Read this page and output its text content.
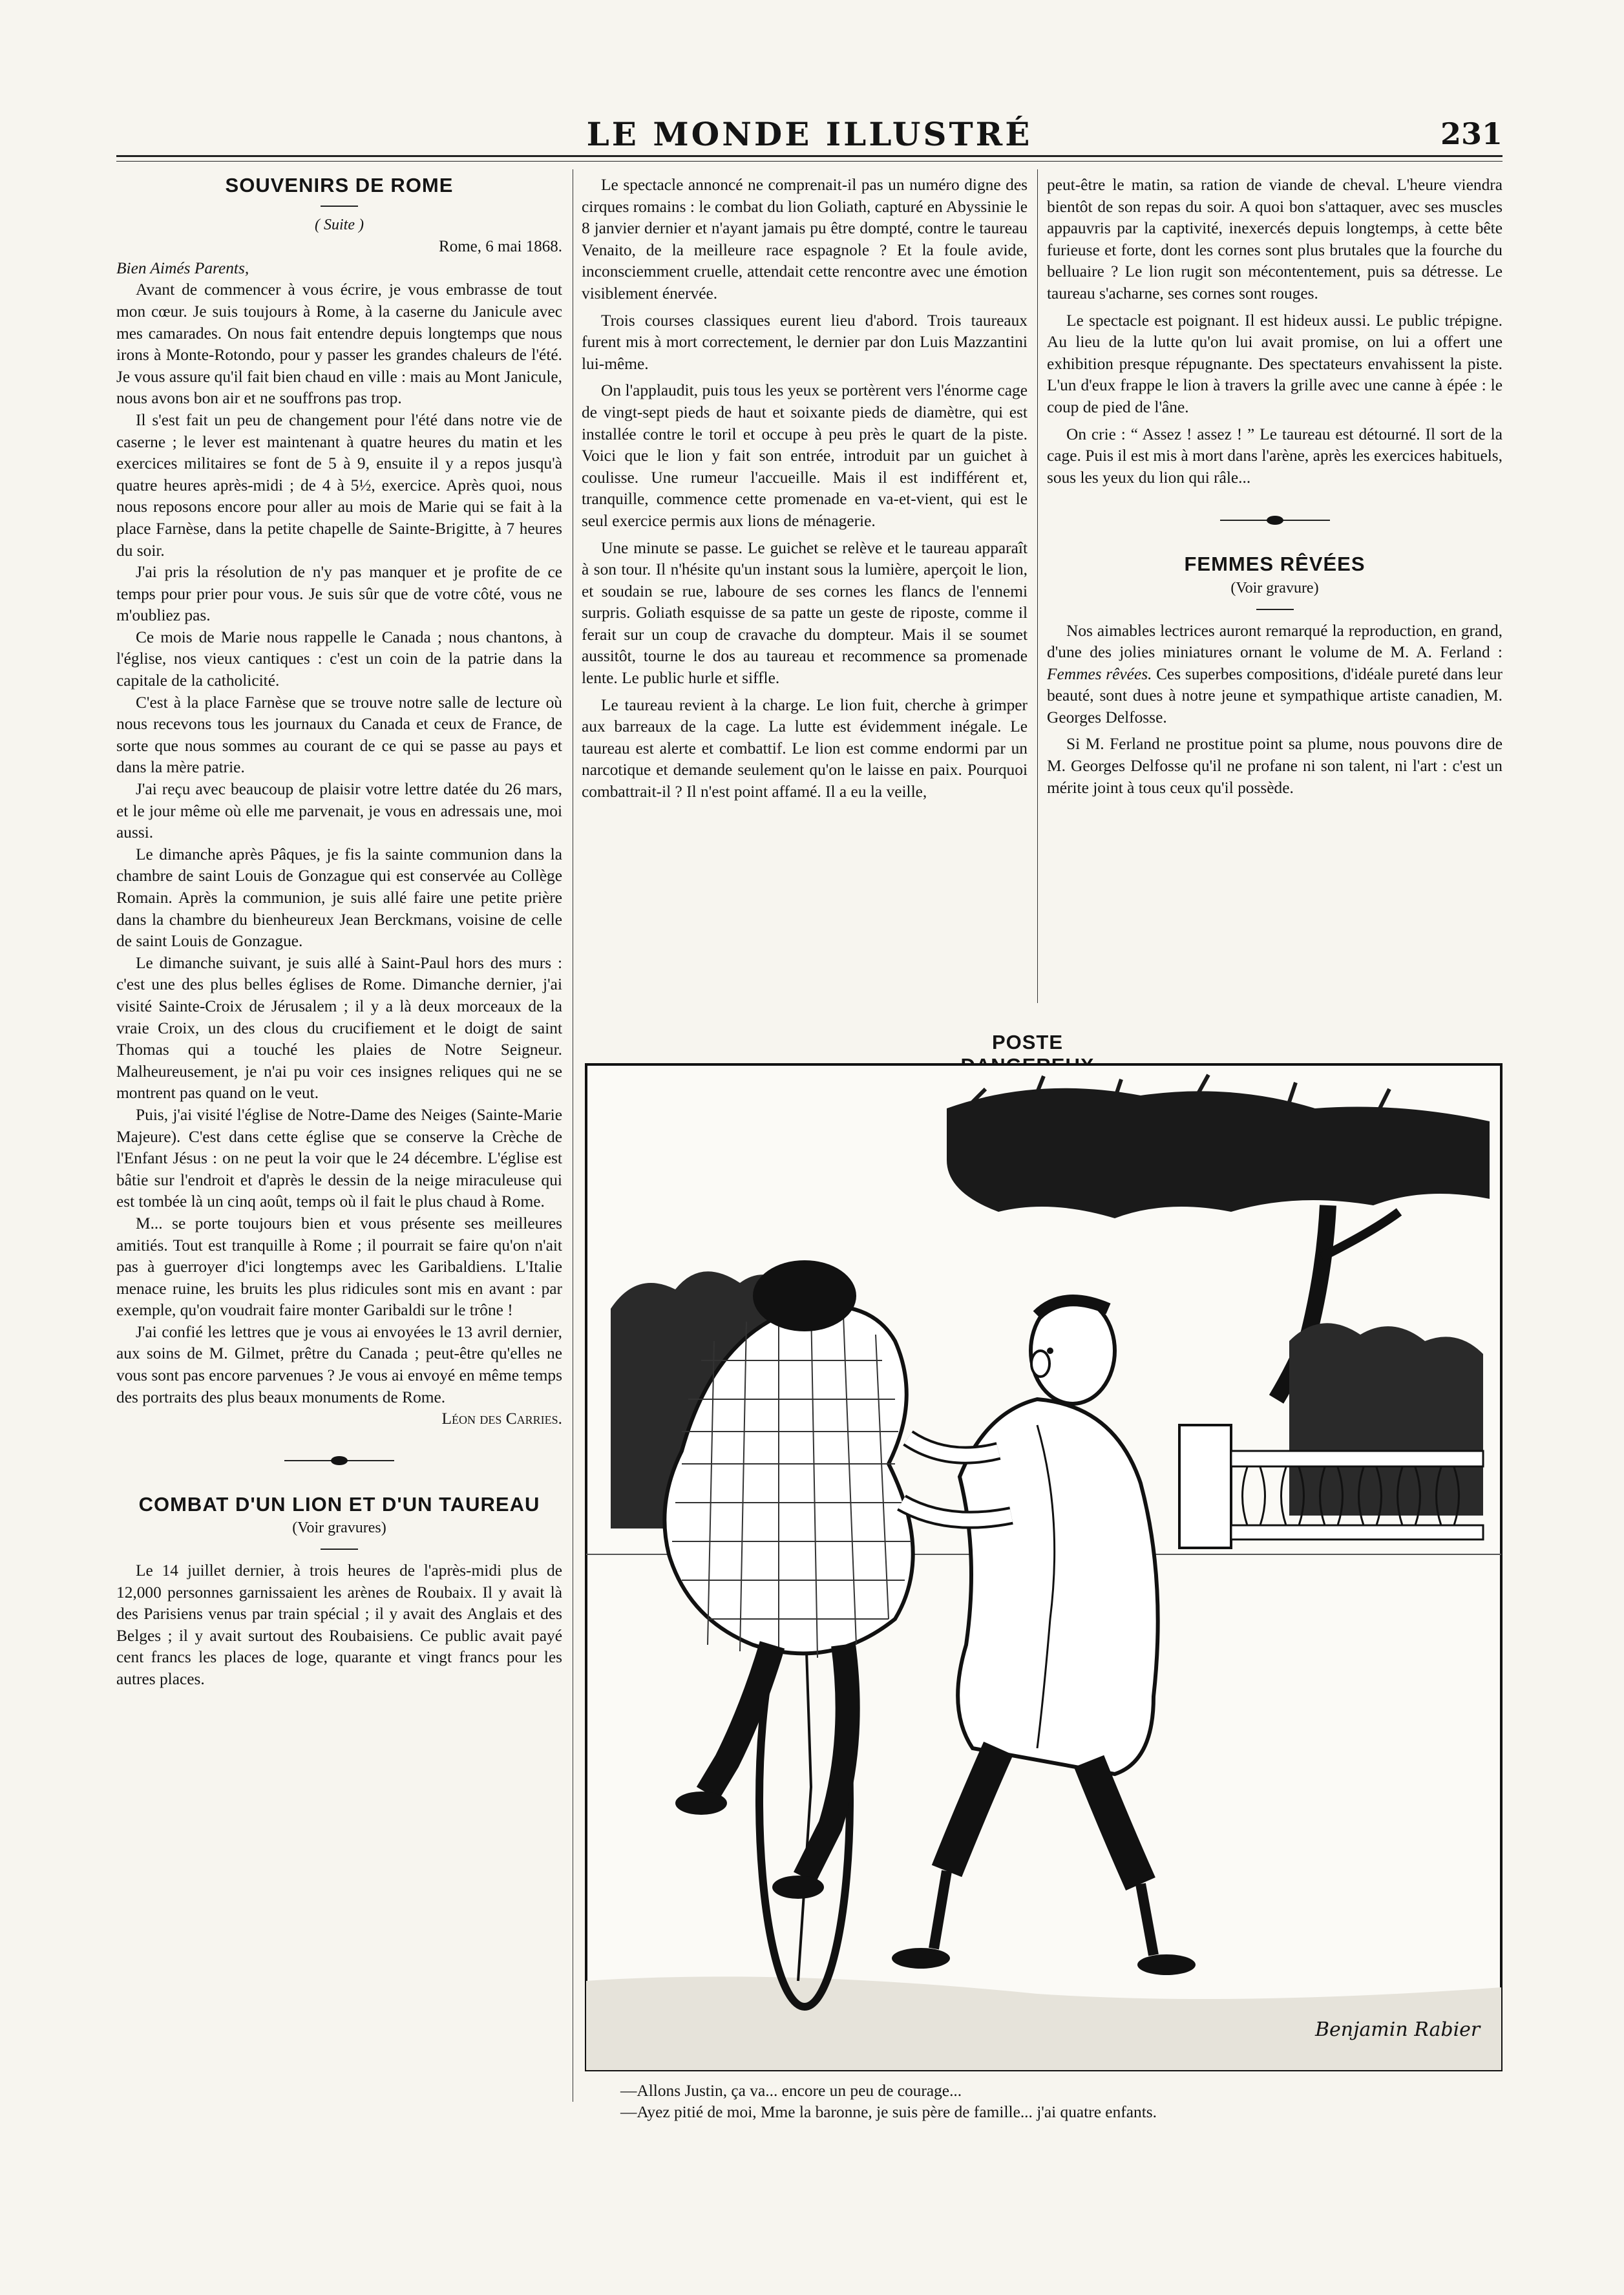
LE MONDE ILLUSTRÉ	231
SOUVENIRS DE ROME
( Suite )

Rome, 6 mai 1868.

Bien Aimés Parents,

Avant de commencer à vous écrire, je vous embrasse de tout mon cœur. Je suis toujours à Rome, à la caserne du Janicule avec mes camarades. On nous fait entendre depuis longtemps que nous irons à Monte-Rotondo, pour y passer les grandes chaleurs de l'été. Je vous assure qu'il fait bien chaud en ville : mais au Mont Janicule, nous avons bon air et ne souffrons pas trop.

Il s'est fait un peu de changement pour l'été dans notre vie de caserne ; le lever est maintenant à quatre heures du matin et les exercices militaires se font de 5 à 9, ensuite il y a repos jusqu'à quatre heures après-midi ; de 4 à 5½, exercice. Après quoi, nous nous reposons encore pour aller au mois de Marie qui se fait à la place Farnèse, dans la petite chapelle de Sainte-Brigitte, à 7 heures du soir.

J'ai pris la résolution de n'y pas manquer et je profite de ce temps pour prier pour vous. Je suis sûr que de votre côté, vous ne m'oubliez pas.

Ce mois de Marie nous rappelle le Canada ; nous chantons, à l'église, nos vieux cantiques : c'est un coin de la patrie dans la capitale de la catholicité.

C'est à la place Farnèse que se trouve notre salle de lecture où nous recevons tous les journaux du Canada et ceux de France, de sorte que nous sommes au courant de ce qui se passe au pays et dans la mère patrie.

J'ai reçu avec beaucoup de plaisir votre lettre datée du 26 mars, et le jour même où elle me parvenait, je vous en adressais une, moi aussi.

Le dimanche après Pâques, je fis la sainte communion dans la chambre de saint Louis de Gonzague qui est conservée au Collège Romain. Après la communion, je suis allé faire une petite prière dans la chambre du bienheureux Jean Berckmans, voisine de celle de saint Louis de Gonzague.

Le dimanche suivant, je suis allé à Saint-Paul hors des murs : c'est une des plus belles églises de Rome. Dimanche dernier, j'ai visité Sainte-Croix de Jérusalem ; il y a là deux morceaux de la vraie Croix, un des clous du crucifiement et le doigt de saint Thomas qui a touché les plaies de Notre Seigneur. Malheureusement, je n'ai pu voir ces insignes reliques qui ne se montrent pas quand on le veut.

Puis, j'ai visité l'église de Notre-Dame des Neiges (Sainte-Marie Majeure). C'est dans cette église que se conserve la Crèche de l'Enfant Jésus : on ne peut la voir que le 24 décembre. L'église est bâtie sur l'endroit et d'après le dessin de la neige miraculeuse qui est tombée là un cinq août, temps où il fait le plus chaud à Rome.

M... se porte toujours bien et vous présente ses meilleures amitiés. Tout est tranquille à Rome ; il pourrait se faire qu'on n'ait pas à guerroyer d'ici longtemps avec les Garibaldiens. L'Italie menace ruine, les bruits les plus ridicules sont mis en avant : par exemple, qu'on voudrait faire monter Garibaldi sur le trône !

J'ai confié les lettres que je vous ai envoyées le 13 avril dernier, aux soins de M. Gilmet, prêtre du Canada ; peut-être qu'elles ne vous sont pas encore parvenues ? Je vous ai envoyé en même temps des portraits des plus beaux monuments de Rome.

Léon des Carries.

COMBAT D'UN LION ET D'UN TAUREAU
(Voir gravures)

Le 14 juillet dernier, à trois heures de l'après-midi plus de 12,000 personnes garnissaient les arènes de Roubaix. Il y avait là des Parisiens venus par train spécial ; il y avait des Anglais et des Belges ; il y avait surtout des Roubaisiens. Ce public avait payé cent francs les places de loge, quarante et vingt francs pour les autres places.

Le spectacle annoncé ne comprenait-il pas un numéro digne des cirques romains : le combat du lion Goliath, capturé en Abyssinie le 8 janvier dernier et n'ayant jamais pu être dompté, contre le taureau Venaito, de la meilleure race espagnole ? Et la foule avide, inconsciemment cruelle, attendait cette rencontre avec une émotion visiblement énervée.

Trois courses classiques eurent lieu d'abord. Trois taureaux furent mis à mort correctement, le dernier par don Luis Mazzantini lui-même.

On l'applaudit, puis tous les yeux se portèrent vers l'énorme cage de vingt-sept pieds de haut et soixante pieds de diamètre, qui est installée contre le toril et occupe à peu près le quart de la piste. Voici que le lion y fait son entrée, introduit par un guichet à coulisse. Une rumeur l'accueille. Mais il est indifférent et, tranquille, commence cette promenade en va-et-vient, qui est le seul exercice permis aux lions de ménagerie.

Une minute se passe. Le guichet se relève et le taureau apparaît à son tour. Il n'hésite qu'un instant sous la lumière, aperçoit le lion, et soudain se rue, laboure de ses cornes les flancs de l'ennemi surpris. Goliath esquisse de sa patte un geste de riposte, comme il ferait sur un coup de cravache du dompteur. Mais il se soumet aussitôt, tourne le dos au taureau et recommence sa promenade lente. Le public hurle et siffle.

Le taureau revient à la charge. Le lion fuit, cherche à grimper aux barreaux de la cage. La lutte est évidemment inégale. Le taureau est alerte et combattif. Le lion est comme endormi par un narcotique et demande seulement qu'on le laisse en paix. Pourquoi combattrait-il ? Il n'est point affamé. Il a eu la veille,

peut-être le matin, sa ration de viande de cheval. L'heure viendra bientôt de son repas du soir. A quoi bon s'attaquer, avec ses muscles appauvris par la captivité, inexercés depuis longtemps, à cette bête furieuse et forte, dont les cornes sont plus brutales que la fourche du belluaire ? Le lion rugit son mécontentement, puis sa détresse. Le taureau s'acharne, ses cornes sont rouges.

Le spectacle est poignant. Il est hideux aussi. Le public trépigne. Au lieu de la lutte qu'on lui avait promise, on lui a offert une exhibition presque répugnante. Des spectateurs envahissent la piste. L'un d'eux frappe le lion à travers la grille avec une canne à épée : le coup de pied de l'âne.

On crie : “ Assez ! assez ! ” Le taureau est détourné. Il sort de la cage. Puis il est mis à mort dans l'arène, après les exercices habituels, sous les yeux du lion qui râle...

FEMMES RÊVÉES
(Voir gravure)

Nos aimables lectrices auront remarqué la reproduction, en grand, d'une des jolies miniatures ornant le volume de M. A. Ferland : Femmes rêvées. Ces superbes compositions, d'idéale pureté dans leur beauté, sont dues à notre jeune et sympathique artiste canadien, M. Georges Delfosse.

Si M. Ferland ne prostitue point sa plume, nous pouvons dire de M. Georges Delfosse qu'il ne profane ni son talent, ni l'art : c'est un mérite joint à tous ceux qu'il possède.

POSTE
Benjamin Rabier
—Allons Justin, ça va... encore un peu de courage...
—Ayez pitié de moi, Mme la baronne, je suis père de famille... j'ai quatre enfants.
